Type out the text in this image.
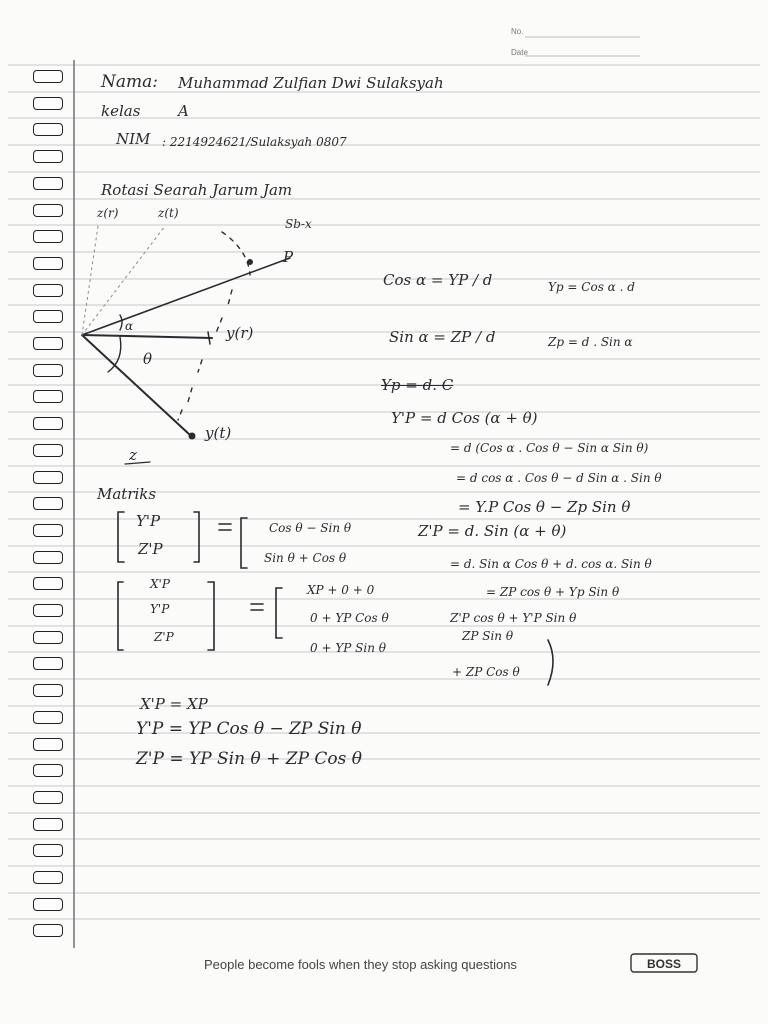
No.
Date
Nama: Muhammad Zulfian Dwi Sulaksyah
kelas	A
NIM : 2214924621/Sulaksyah 0807
Rotasi Searah Jarum Jam
Sb-x
z(r)	z(t)
P
α	y(r)
θ
y(t)
z
Cos α = YP / d	Yp = Cos α . d
Sin α = ZP / d	Zp = d . Sin α
Yp = d. C
Y'P = d Cos (α + θ)
= d (Cos α . Cos θ − Sin α Sin θ)
= d cos α . Cos θ − d Sin α . Sin θ
= Y.P Cos θ − Zp Sin θ
Z'P = d. Sin (α + θ)
= d. Sin α Cos θ + d. cos α. Sin θ
= ZP cos θ + Yp Sin θ
Z'P cos θ + Y'P Sin θ
Matriks
Y'P
Z'P
Cos θ − Sin θ
Sin θ + Cos θ
X'P
Y'P
Z'P
XP + 0 + 0
0 + YP Cos θ
0 + YP Sin θ
ZP Sin θ
+ ZP Cos θ
X'P = XP
Y'P = YP Cos θ − ZP Sin θ
Z'P = YP Sin θ + ZP Cos θ
People become fools when they stop asking questions	BOSS
